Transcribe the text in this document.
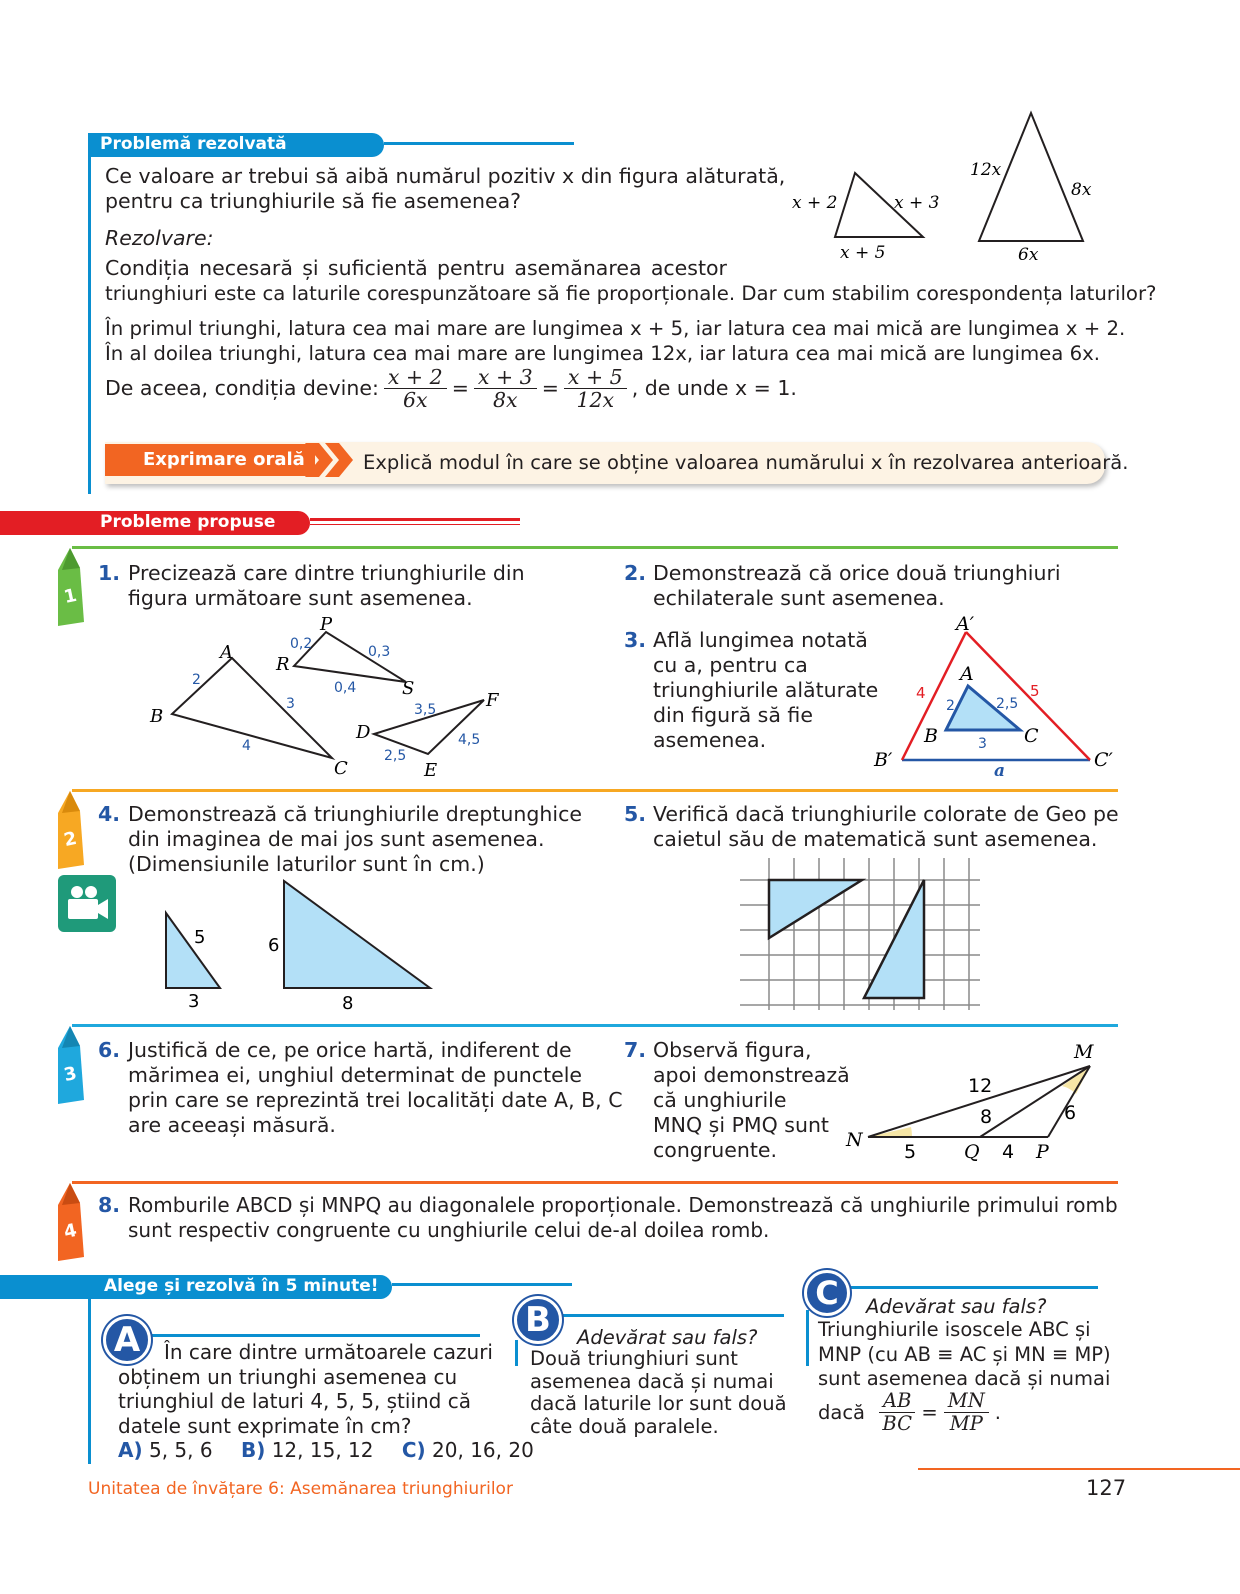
Problemă rezolvată
Ce valoare ar trebui să aibă numărul pozitiv x din figura alăturată,
pentru ca triunghiurile să fie asemenea?
Rezolvare:
Condiția necesară și suficientă pentru asemănarea acestor
triunghiuri este ca laturile corespunzătoare să fie proporționale. Dar cum stabilim corespondența laturilor?
În primul triunghi, latura cea mai mare are lungimea x + 5, iar latura cea mai mică are lungimea x + 2.
În al doilea triunghi, latura cea mai mare are lungimea 12x, iar latura cea mai mică are lungimea 6x.
De aceea, condiția devine: $\frac{x + 2}{6x} = \frac{x + 3}{8x} = \frac{x + 5}{12x}$ , de unde x = 1.
x + 2	x + 3
x + 5
12x
8x
6x
Exprimare orală	Explică modul în care se obține valoarea numărului x în rezolvarea anterioară.
Probleme propuse
1
2
3
4
1. Precizează care dintre triunghiurile din
figura următoare sunt asemenea.
A
B
C
2
3
4
P
R
S
0,2	0,3
0,4
D
E
F
3,5
2,5
4,5
2. Demonstrează că orice două triunghiuri
echilaterale sunt asemenea.
3. Află lungimea notată
cu a, pentru ca
triunghiurile alăturate
din figură să fie
asemenea.
A′
B′	C′
A
B	C
4	5
a
2	2,5
3
4. Demonstrează că triunghiurile dreptunghice
din imaginea de mai jos sunt asemenea.
(Dimensiunile laturilor sunt în cm.)
5
3
6
8
5. Verifică dacă triunghiurile colorate de Geo pe
caietul său de matematică sunt asemenea.
6. Justifică de ce, pe orice hartă, indiferent de
mărimea ei, unghiul determinat de punctele
prin care se reprezintă trei localități date A, B, C
are aceeași măsură.
7. Observă figura,
apoi demonstrează
că unghiurile
MNQ și PMQ sunt
congruente.
M
N
Q	P
12
8	6
5	4
8. Romburile ABCD și MNPQ au diagonalele proporționale. Demonstrează că unghiurile primului romb
sunt respectiv congruente cu unghiurile celui de-al doilea romb.
Alege și rezolvă în 5 minute!
A	În care dintre următoarele cazuri
obținem un triunghi asemenea cu
triunghiul de laturi 4, 5, 5, știind că
datele sunt exprimate în cm?
A) 5, 5, 6 B) 12, 15, 12 C) 20, 16, 20
B	Adevărat sau fals?
Două triunghiuri sunt
asemenea dacă și numai
dacă laturile lor sunt două
câte două paralele.
C	Adevărat sau fals?
Triunghiurile isoscele ABC și
MNP (cu AB ≡ AC și MN ≡ MP)
sunt asemenea dacă și numai
dacă $\frac{AB}{BC} = \frac{MN}{MP}$ .
Unitatea de învățare 6: Asemănarea triunghiurilor	127
